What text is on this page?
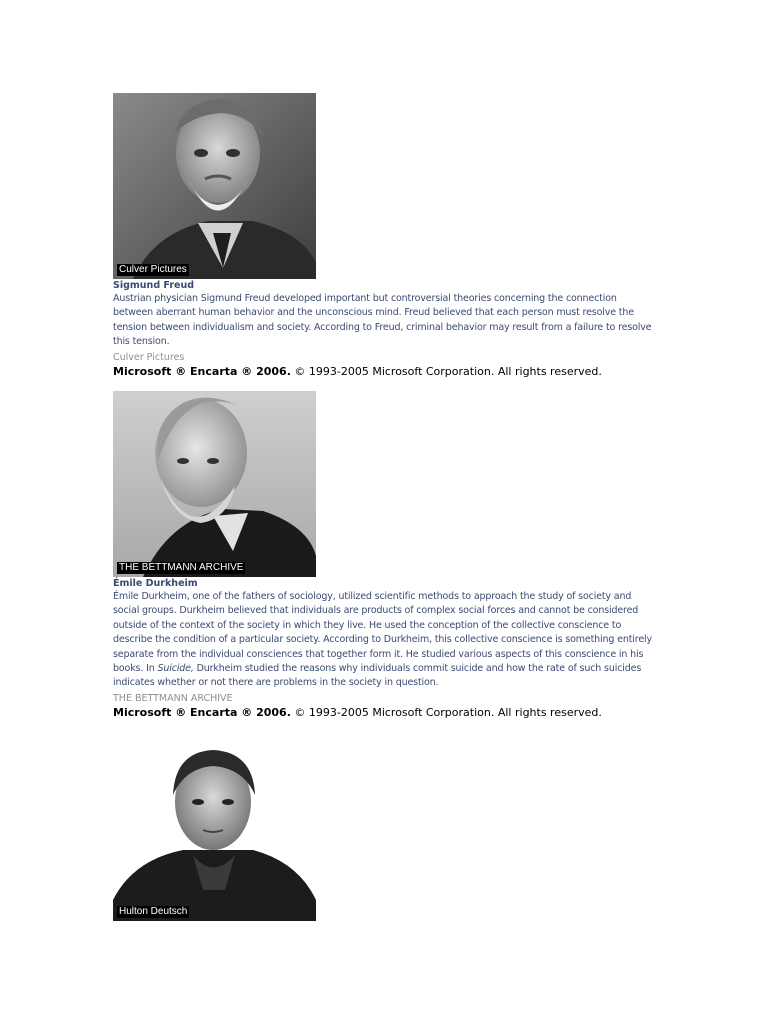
Culver Pictures
Sigmund Freud
Austrian physician Sigmund Freud developed important but controversial theories concerning the connection between aberrant human behavior and the unconscious mind. Freud believed that each person must resolve the tension between individualism and society. According to Freud, criminal behavior may result from a failure to resolve this tension.
Culver Pictures
Microsoft ® Encarta ® 2006. © 1993-2005 Microsoft Corporation. All rights reserved.
THE BETTMANN ARCHIVE
Émile Durkheim
Émile Durkheim, one of the fathers of sociology, utilized scientific methods to approach the study of society and social groups. Durkheim believed that individuals are products of complex social forces and cannot be considered outside of the context of the society in which they live. He used the conception of the collective conscience to describe the condition of a particular society. According to Durkheim, this collective conscience is something entirely separate from the individual consciences that together form it. He studied various aspects of this conscience in his books. In Suicide, Durkheim studied the reasons why individuals commit suicide and how the rate of such suicides indicates whether or not there are problems in the society in question.
THE BETTMANN ARCHIVE
Microsoft ® Encarta ® 2006. © 1993-2005 Microsoft Corporation. All rights reserved.
Hulton Deutsch
